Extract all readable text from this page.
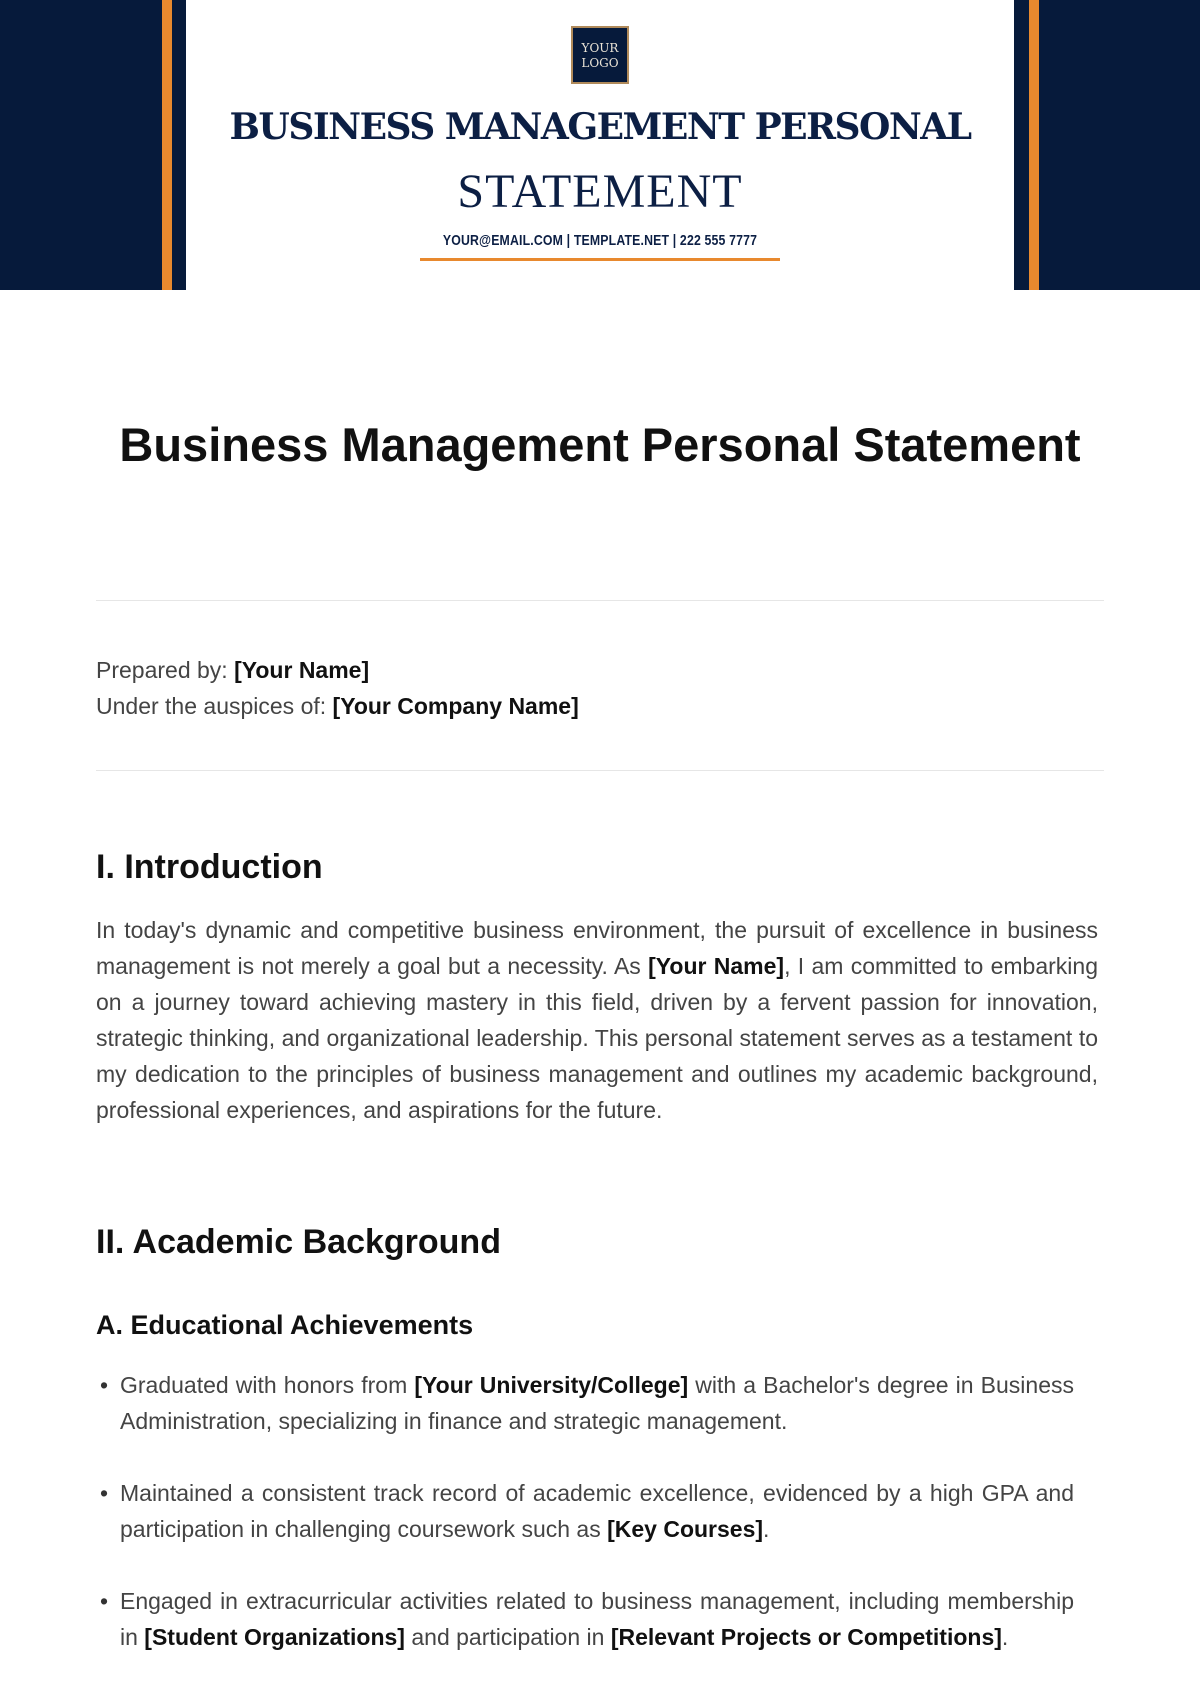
YOUR
LOGO
BUSINESS MANAGEMENT PERSONAL
STATEMENT
YOUR@EMAIL.COM | TEMPLATE.NET | 222 555 7777
Business Management Personal Statement
Prepared by: [Your Name]
Under the auspices of: [Your Company Name]
I. Introduction

In today's dynamic and competitive business environment, the pursuit of excellence in business management is not merely a goal but a necessity. As [Your Name], I am committed to embarking on a journey toward achieving mastery in this field, driven by a fervent passion for innovation, strategic thinking, and organizational leadership. This personal statement serves as a testament to my dedication to the principles of business management and outlines my academic background, professional experiences, and aspirations for the future.

II. Academic Background
A. Educational Achievements
• Graduated with honors from [Your University/College] with a Bachelor's degree in Business Administration, specializing in finance and strategic management.
• Maintained a consistent track record of academic excellence, evidenced by a high GPA and participation in challenging coursework such as [Key Courses].
• Engaged in extracurricular activities related to business management, including membership in [Student Organizations] and participation in [Relevant Projects or Competitions].
